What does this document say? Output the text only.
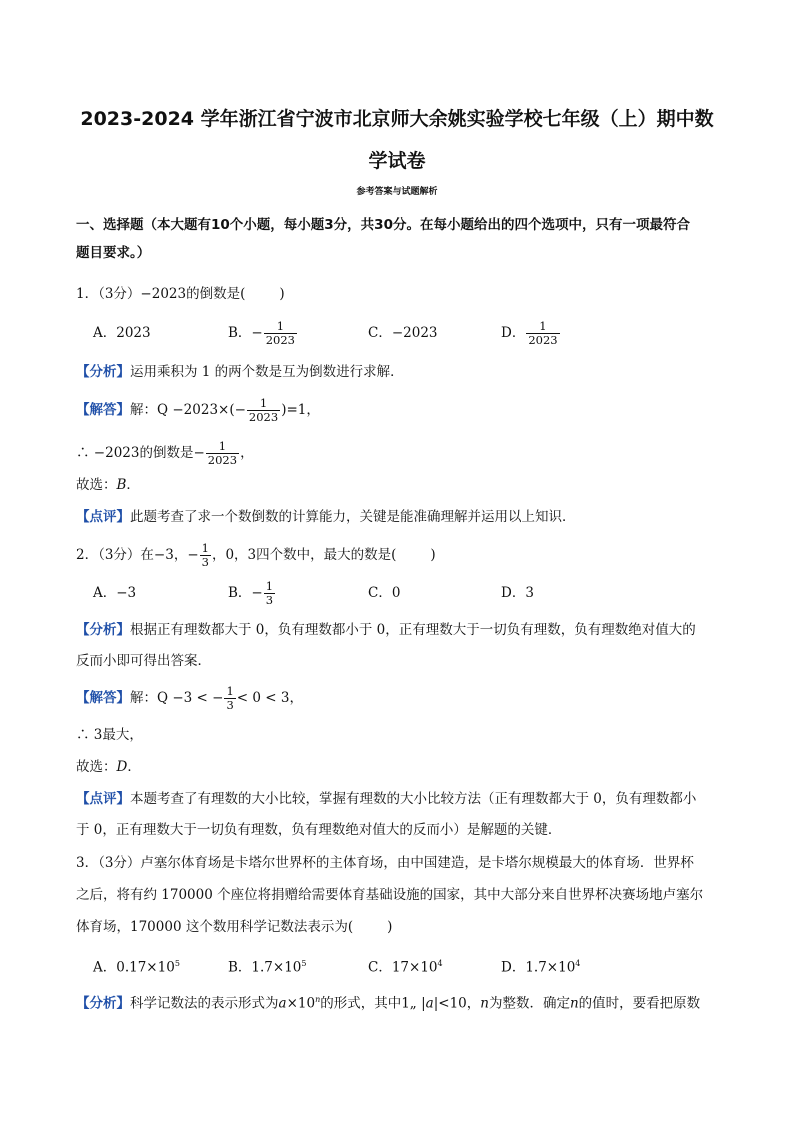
2023-2024 学年浙江省宁波市北京师大余姚实验学校七年级（上）期中数
学试卷
参考答案与试题解析
一、选择题（本大题有10个小题，每小题3分，共30分。在每小题给出的四个选项中，只有一项最符合
题目要求。）
1．（3分）−2023的倒数是(	)
A．2023	B．− $\frac{1}{2023}$	C．−2023	D． $\frac{1}{2023}$
【分析】运用乘积为 1 的两个数是互为倒数进行求解．
【解答】解：$Q -2023\times(- \frac{1}{2023} )=1$，
∴ −2023的倒数是− $\frac{1}{2023}$ ，
故选：B．
【点评】此题考查了求一个数倒数的计算能力，关键是能准确理解并运用以上知识．
2．（3分）在−3，− $\frac{1}{3}$ ，0，3四个数中，最大的数是(	)
A．−3	B．− $\frac{1}{3}$	C．0	D．3
【分析】根据正有理数都大于 0，负有理数都小于 0，正有理数大于一切负有理数，负有理数绝对值大的
反而小即可得出答案．
【解答】解：Q −3 < − $\frac{1}{3} < 0 < 3$，
∴ 3最大，
故选：D．
【点评】本题考查了有理数的大小比较，掌握有理数的大小比较方法（正有理数都大于 0，负有理数都小
于 0，正有理数大于一切负有理数，负有理数绝对值大的反而小）是解题的关键．
3．（3分）卢塞尔体育场是卡塔尔世界杯的主体育场，由中国建造，是卡塔尔规模最大的体育场．世界杯
之后，将有约 170000 个座位将捐赠给需要体育基础设施的国家，其中大部分来自世界杯决赛场地卢塞尔
体育场，170000 这个数用科学记数法表示为(	)
A．$0.17\times 10^5$	B．$1.7\times 10^5$	C．$17\times 10^4$	D．$1.7\times 10^4$
【分析】科学记数法的表示形式为$a\times 10^n$的形式，其中1„ |a|<10，n为整数．确定n的值时，要看把原数
